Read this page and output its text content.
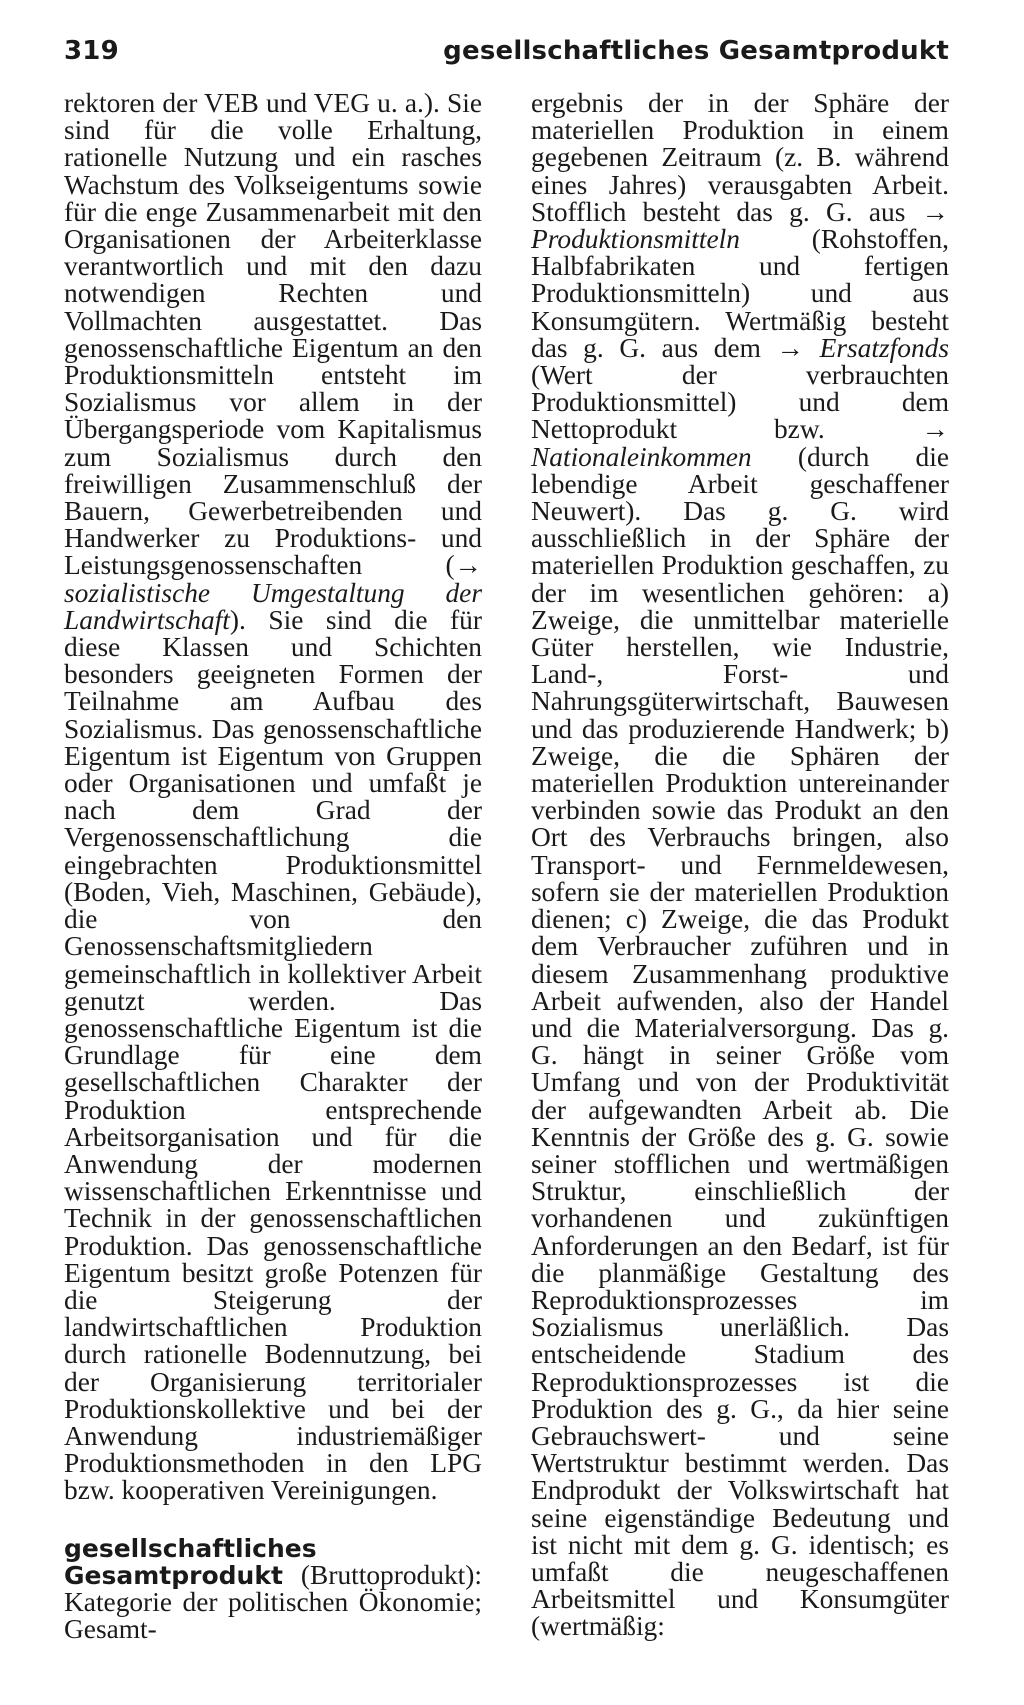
319	gesellschaftliches Gesamtprodukt

rektoren der VEB und VEG u. a.). Sie sind für die volle Erhaltung, rationelle Nutzung und ein rasches Wachstum des Volkseigentums sowie für die enge Zusammenarbeit mit den Organisationen der Arbeiterklasse verantwortlich und mit den dazu notwendigen Rechten und Vollmachten ausgestattet. Das genossenschaftliche Eigentum an den Produktionsmitteln entsteht im Sozialismus vor allem in der Übergangsperiode vom Kapitalismus zum Sozialismus durch den freiwilligen Zusammenschluß der Bauern, Gewerbetreibenden und Handwerker zu Produktions- und Leistungsgenossenschaften (→ sozialistische Umgestaltung der Landwirtschaft). Sie sind die für diese Klassen und Schichten besonders geeigneten Formen der Teilnahme am Aufbau des Sozialismus. Das genossenschaftliche Eigentum ist Eigentum von Gruppen oder Organisationen und umfaßt je nach dem Grad der Vergenossenschaftlichung die eingebrachten Produktionsmittel (Boden, Vieh, Maschinen, Gebäude), die von den Genossenschaftsmitgliedern gemeinschaftlich in kollektiver Arbeit genutzt werden. Das genossenschaftliche Eigentum ist die Grundlage für eine dem gesellschaftlichen Charakter der Produktion entsprechende Arbeitsorganisation und für die Anwendung der modernen wissenschaftlichen Erkenntnisse und Technik in der genossenschaftlichen Produktion. Das genossenschaftliche Eigentum besitzt große Potenzen für die Steigerung der landwirtschaftlichen Produktion durch rationelle Bodennutzung, bei der Organisierung territorialer Produktionskollektive und bei der Anwendung industriemäßiger Produktionsmethoden in den LPG bzw. kooperativen Vereinigungen.

gesellschaftliches Gesamtprodukt (Bruttoprodukt): Kategorie der politischen Ökonomie; Gesamt-

ergebnis der in der Sphäre der materiellen Produktion in einem gegebenen Zeitraum (z. B. während eines Jahres) verausgabten Arbeit. Stofflich besteht das g. G. aus → Produktionsmitteln (Rohstoffen, Halbfabrikaten und fertigen Produktionsmitteln) und aus Konsumgütern. Wertmäßig besteht das g. G. aus dem → Ersatzfonds (Wert der verbrauchten Produktionsmittel) und dem Nettoprodukt bzw. → Nationaleinkommen (durch die lebendige Arbeit geschaffener Neuwert). Das g. G. wird ausschließlich in der Sphäre der materiellen Produktion geschaffen, zu der im wesentlichen gehören: a) Zweige, die unmittelbar materielle Güter herstellen, wie Industrie, Land-, Forst- und Nahrungsgüterwirtschaft, Bauwesen und das produzierende Handwerk; b) Zweige, die die Sphären der materiellen Produktion untereinander verbinden sowie das Produkt an den Ort des Verbrauchs bringen, also Transport- und Fernmeldewesen, sofern sie der materiellen Produktion dienen; c) Zweige, die das Produkt dem Verbraucher zuführen und in diesem Zusammenhang produktive Arbeit aufwenden, also der Handel und die Materialversorgung. Das g. G. hängt in seiner Größe vom Umfang und von der Produktivität der aufgewandten Arbeit ab. Die Kenntnis der Größe des g. G. sowie seiner stofflichen und wertmäßigen Struktur, einschließlich der vorhandenen und zukünftigen Anforderungen an den Bedarf, ist für die planmäßige Gestaltung des Reproduktionsprozesses im Sozialismus unerläßlich. Das entscheidende Stadium des Reproduktionsprozesses ist die Produktion des g. G., da hier seine Gebrauchswert- und seine Wertstruktur bestimmt werden. Das Endprodukt der Volkswirtschaft hat seine eigenständige Bedeutung und ist nicht mit dem g. G. identisch; es umfaßt die neugeschaffenen Arbeitsmittel und Konsumgüter (wertmäßig:
